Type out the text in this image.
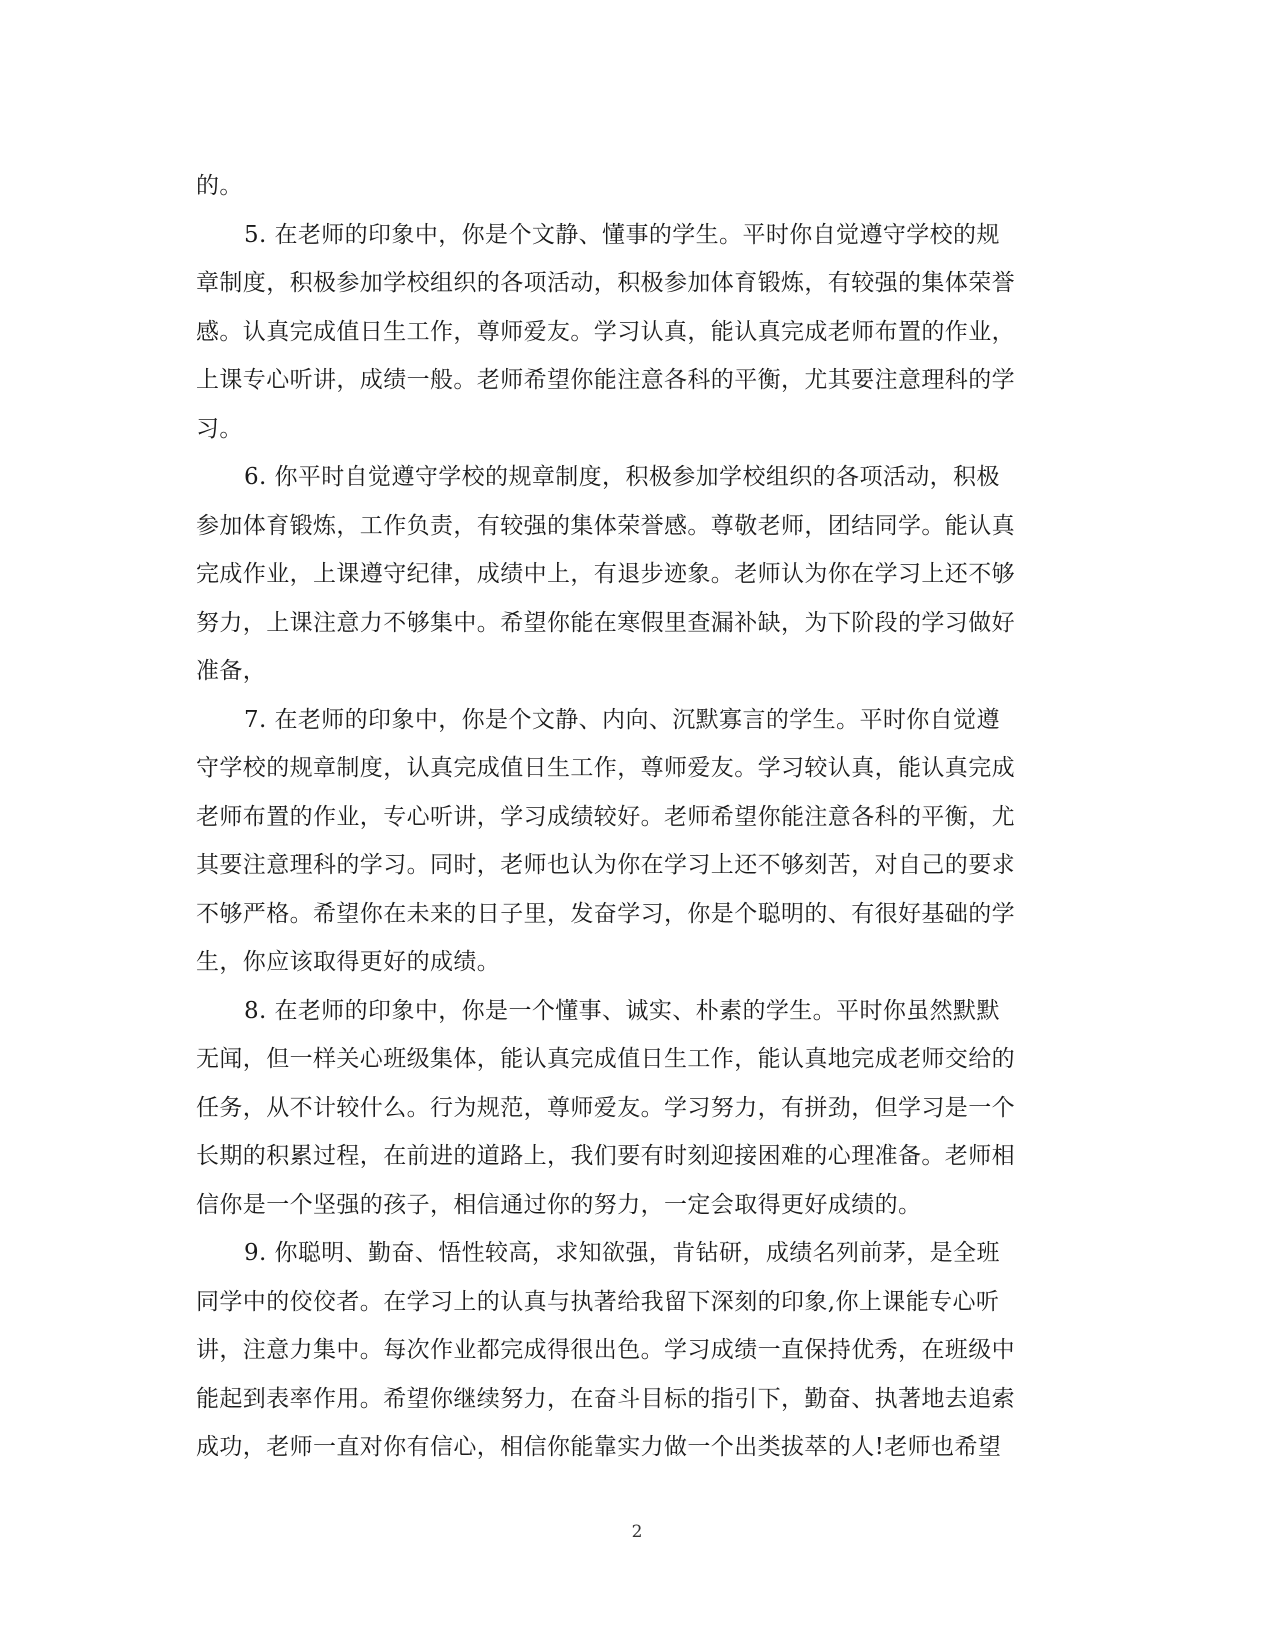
的。
5. 在老师的印象中，你是个文静、懂事的学生。平时你自觉遵守学校的规
章制度，积极参加学校组织的各项活动，积极参加体育锻炼，有较强的集体荣誉
感。认真完成值日生工作，尊师爱友。学习认真，能认真完成老师布置的作业，
上课专心听讲，成绩一般。老师希望你能注意各科的平衡，尤其要注意理科的学
习。
6. 你平时自觉遵守学校的规章制度，积极参加学校组织的各项活动，积极
参加体育锻炼，工作负责，有较强的集体荣誉感。尊敬老师，团结同学。能认真
完成作业，上课遵守纪律，成绩中上，有退步迹象。老师认为你在学习上还不够
努力，上课注意力不够集中。希望你能在寒假里查漏补缺，为下阶段的学习做好
准备，
7. 在老师的印象中，你是个文静、内向、沉默寡言的学生。平时你自觉遵
守学校的规章制度，认真完成值日生工作，尊师爱友。学习较认真，能认真完成
老师布置的作业，专心听讲，学习成绩较好。老师希望你能注意各科的平衡，尤
其要注意理科的学习。同时，老师也认为你在学习上还不够刻苦，对自己的要求
不够严格。希望你在未来的日子里，发奋学习，你是个聪明的、有很好基础的学
生，你应该取得更好的成绩。
8. 在老师的印象中，你是一个懂事、诚实、朴素的学生。平时你虽然默默
无闻，但一样关心班级集体，能认真完成值日生工作，能认真地完成老师交给的
任务，从不计较什么。行为规范，尊师爱友。学习努力，有拼劲，但学习是一个
长期的积累过程，在前进的道路上，我们要有时刻迎接困难的心理准备。老师相
信你是一个坚强的孩子，相信通过你的努力，一定会取得更好成绩的。
9. 你聪明、勤奋、悟性较高，求知欲强，肯钻研，成绩名列前茅，是全班
同学中的佼佼者。在学习上的认真与执著给我留下深刻的印象,你上课能专心听
讲，注意力集中。每次作业都完成得很出色。学习成绩一直保持优秀，在班级中
能起到表率作用。希望你继续努力，在奋斗目标的指引下，勤奋、执著地去追索
成功，老师一直对你有信心，相信你能靠实力做一个出类拔萃的人!老师也希望
2
